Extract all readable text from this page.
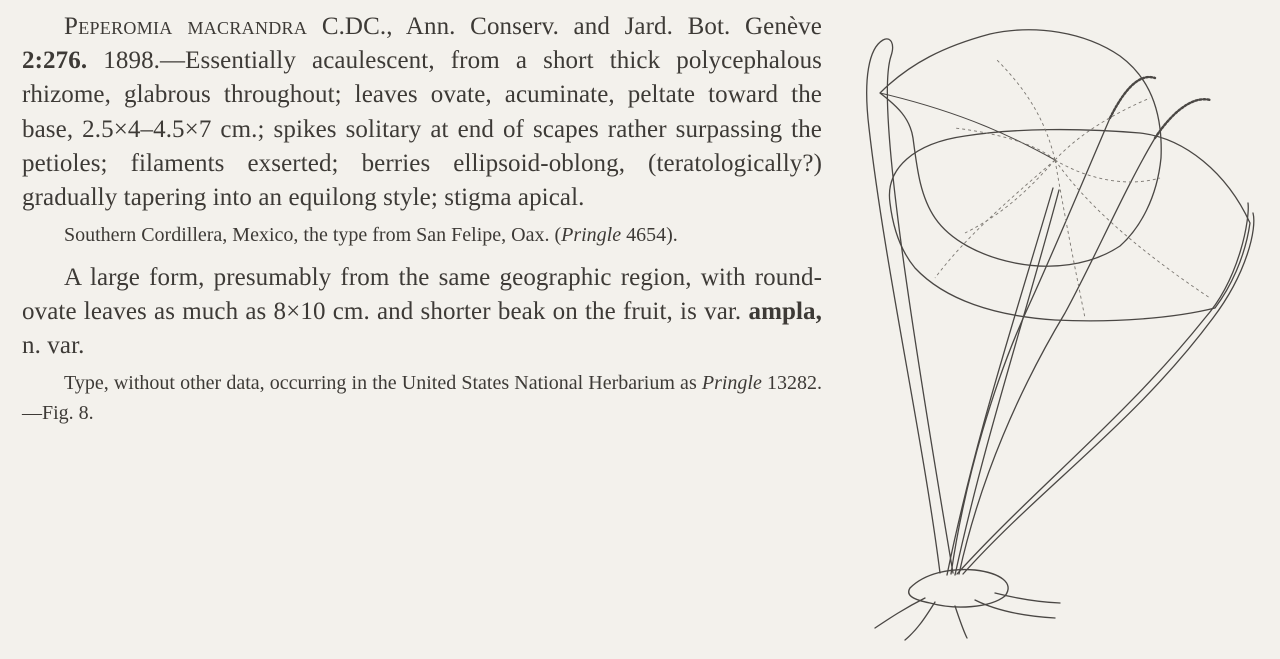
Peperomia macrandra C.DC., Ann. Conserv. and Jard. Bot. Genève 2:276. 1898.—Essentially acaulescent, from a short thick polycephalous rhizome, glabrous throughout; leaves ovate, acuminate, peltate toward the base, 2.5×4–4.5×7 cm.; spikes solitary at end of scapes rather surpassing the petioles; filaments exserted; berries ellipsoid-oblong, (teratologically?) gradually tapering into an equilong style; stigma apical.

Southern Cordillera, Mexico, the type from San Felipe, Oax. (Pringle 4654).

A large form, presumably from the same geographic region, with round-ovate leaves as much as 8×10 cm. and shorter beak on the fruit, is var. ampla, n. var.

Type, without other data, occurring in the United States National Herbarium as Pringle 13282.—Fig. 8.
